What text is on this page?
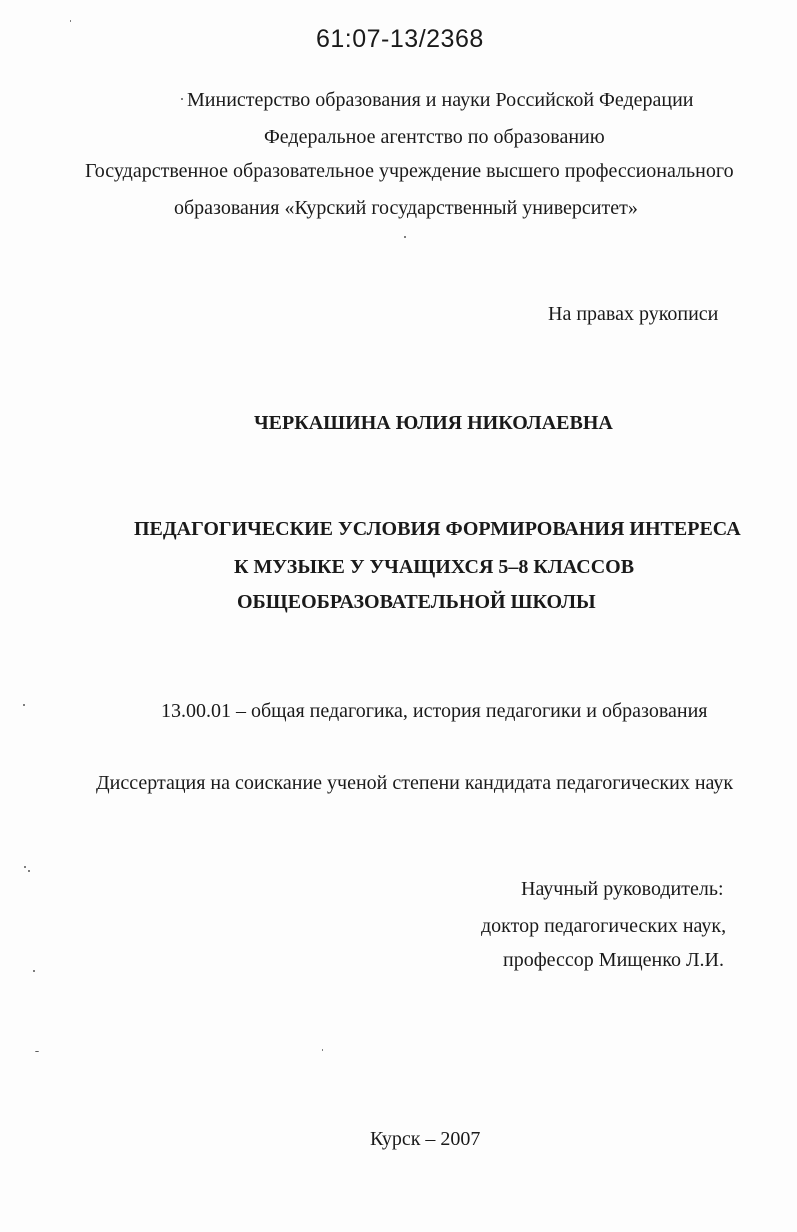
61:07-13/2368
Министерство образования и науки Российской Федерации
Федеральное агентство по образованию
Государственное образовательное учреждение высшего профессионального
образования «Курский государственный университет»
На правах рукописи
ЧЕРКАШИНА ЮЛИЯ НИКОЛАЕВНА
ПЕДАГОГИЧЕСКИЕ УСЛОВИЯ ФОРМИРОВАНИЯ ИНТЕРЕСА
К МУЗЫКЕ У УЧАЩИХСЯ 5–8 КЛАССОВ
ОБЩЕОБРАЗОВАТЕЛЬНОЙ ШКОЛЫ
13.00.01 – общая педагогика, история педагогики и образования
Диссертация на соискание ученой степени кандидата педагогических наук
Научный руководитель:
доктор педагогических наук,
профессор Мищенко Л.И.
Курск – 2007
